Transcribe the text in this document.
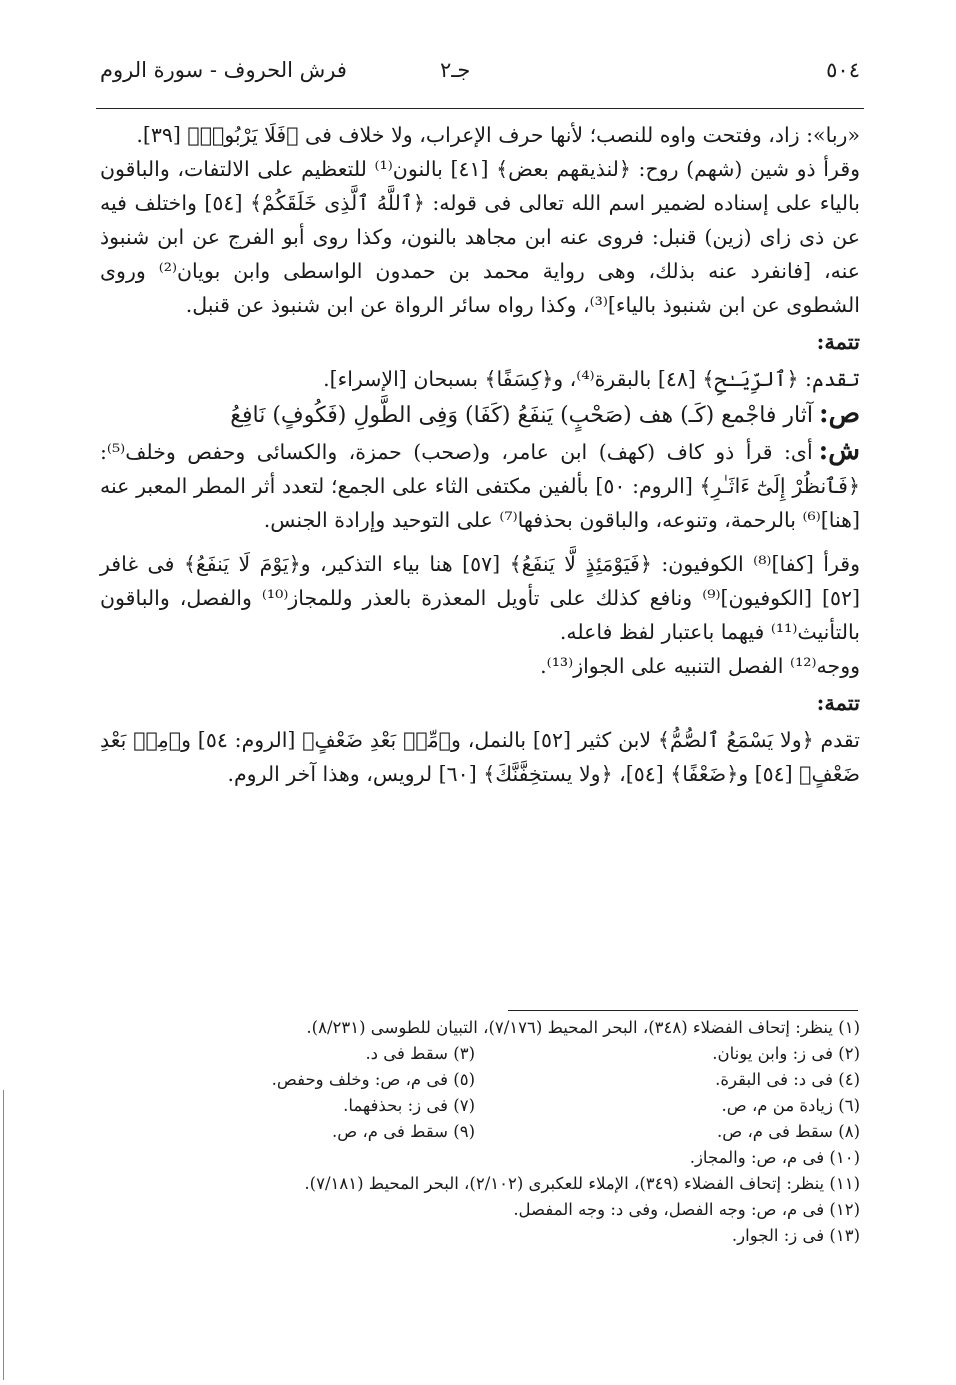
٥٠٤
جـ٢
فرش الحروف - سورة الروم

«ربا»: زاد، وفتحت واوه للنصب؛ لأنها حرف الإعراب، ولا خلاف فى ﴿فَلَا يَرْبُوا۟﴾ [٣٩].

وقرأ ذو شين (شهم) روح: ﴿لنذيقهم بعض﴾ [٤١] بالنون⁽¹⁾ للتعظيم على الالتفات، والباقون بالياء على إسناده لضمير اسم الله تعالى فى قوله: ﴿ٱللَّهُ ٱلَّذِى خَلَقَكُمْ﴾ [٥٤] واختلف فيه عن ذى زاى (زين) قنبل: فروى عنه ابن مجاهد بالنون، وكذا روى أبو الفرج عن ابن شنبوذ عنه، [فانفرد عنه بذلك، وهى رواية محمد بن حمدون الواسطى وابن بويان⁽²⁾ وروى الشطوى عن ابن شنبوذ بالياء]⁽³⁾، وكذا رواه سائر الرواة عن ابن شنبوذ عن قنبل.

تتمة:

تقدم: ﴿ٱلرِّيَـٰحِ﴾ [٤٨] بالبقرة⁽⁴⁾، و﴿كِسَفًا﴾ بسبحان [الإسراء].

ص:آثار فاجْمع (كَـ) هف (صَحْبٍ) يَنفَعُ (كَفَا) وَفِى الطَّولِ (فَكُوفٍ) نَافِعُ

ش:أى: قرأ ذو كاف (كهف) ابن عامر، و(صحب) حمزة، والكسائى وحفص وخلف⁽⁵⁾: ﴿فَٱنظُرْ إِلَىٰٓ ءَاثَـٰرِ﴾ [الروم: ٥٠] بألفين مكتفى الثاء على الجمع؛ لتعدد أثر المطر المعبر عنه [هنا]⁽⁶⁾ بالرحمة، وتنوعه، والباقون بحذفها⁽⁷⁾ على التوحيد وإرادة الجنس.

وقرأ [كفا]⁽⁸⁾ الكوفيون: ﴿فَيَوْمَئِذٍ لَّا يَنفَعُ﴾ [٥٧] هنا بياء التذكير، و﴿يَوْمَ لَا يَنفَعُ﴾ فى غافر [٥٢] [الكوفيون]⁽⁹⁾ ونافع كذلك على تأويل المعذرة بالعذر وللمجاز⁽¹⁰⁾ والفصل، والباقون بالتأنيث⁽¹¹⁾ فيهما باعتبار لفظ فاعله.

ووجه⁽¹²⁾ الفصل التنبيه على الجواز⁽¹³⁾.

تتمة:

تقدم ﴿ولا يَسْمَعُ ٱلصُّمُّ﴾ لابن كثير [٥٢] بالنمل، و﴿مِّنۢ بَعْدِ ضَعْفٍ﴾ [الروم: ٥٤] و﴿مِنۢ بَعْدِ ضَعْفٍ﴾ [٥٤] و﴿ضَعْفًا﴾ [٥٤]، ﴿ولا يستخِفَّنَّكَ﴾ [٦٠] لرويس، وهذا آخر الروم.

(١) ينظر: إتحاف الفضلاء (٣٤٨)، البحر المحيط (٧/١٧٦)، التبيان للطوسى (٨/٢٣١).
(٢) فى ز: وابن يونان.
(٣) سقط فى د.
(٤) فى د: فى البقرة.
(٥) فى م، ص: وخلف وحفص.
(٦) زيادة من م، ص.
(٧) فى ز: بحذفهما.
(٨) سقط فى م، ص.
(٩) سقط فى م، ص.
(١٠) فى م، ص: والمجاز.
(١١) ينظر: إتحاف الفضلاء (٣٤٩)، الإملاء للعكبرى (٢/١٠٢)، البحر المحيط (٧/١٨١).
(١٢) فى م، ص: وجه الفصل، وفى د: وجه المفصل.
(١٣) فى ز: الجوار.
